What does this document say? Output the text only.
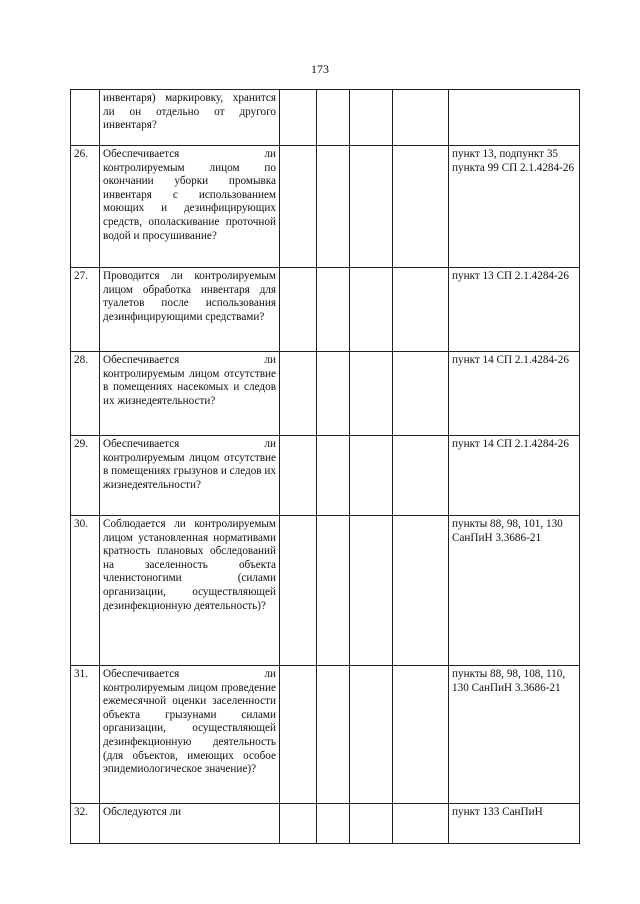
173
	инвентаря) маркировку, хранится ли он отдельно от другого инвентаря?					
26.	Обеспечивается ли контролируемым лицом по окончании уборки промывка инвентаря с использованием моющих и дезинфицирующих средств, ополаскивание проточной водой и просушивание?					пункт 13, подпункт 35 пункта 99 СП 2.1.4284-26
27.	Проводится ли контролируемым лицом обработка инвентаря для туалетов после использования дезинфицирующими средствами?					пункт 13 СП 2.1.4284-26
28.	Обеспечивается ли контролируемым лицом отсутствие в помещениях насекомых и следов их жизнедеятельности?					пункт 14 СП 2.1.4284-26
29.	Обеспечивается ли контролируемым лицом отсутствие в помещениях грызунов и следов их жизнедеятельности?					пункт 14 СП 2.1.4284-26
30.	Соблюдается ли контролируемым лицом установленная нормативами кратность плановых обследований на заселенность объекта членистоногими (силами организации, осуществляющей дезинфекционную деятельность)?					пункты 88, 98, 101, 130 СанПиН 3.3686-21
31.	Обеспечивается ли контролируемым лицом проведение ежемесячной оценки заселенности объекта грызунами силами организации, осуществляющей дезинфекционную деятельность (для объектов, имеющих особое эпидемиологическое значение)?					пункты 88, 98, 108, 110, 130 СанПиН 3.3686-21
32.	Обследуются ли					пункт 133 СанПиН
